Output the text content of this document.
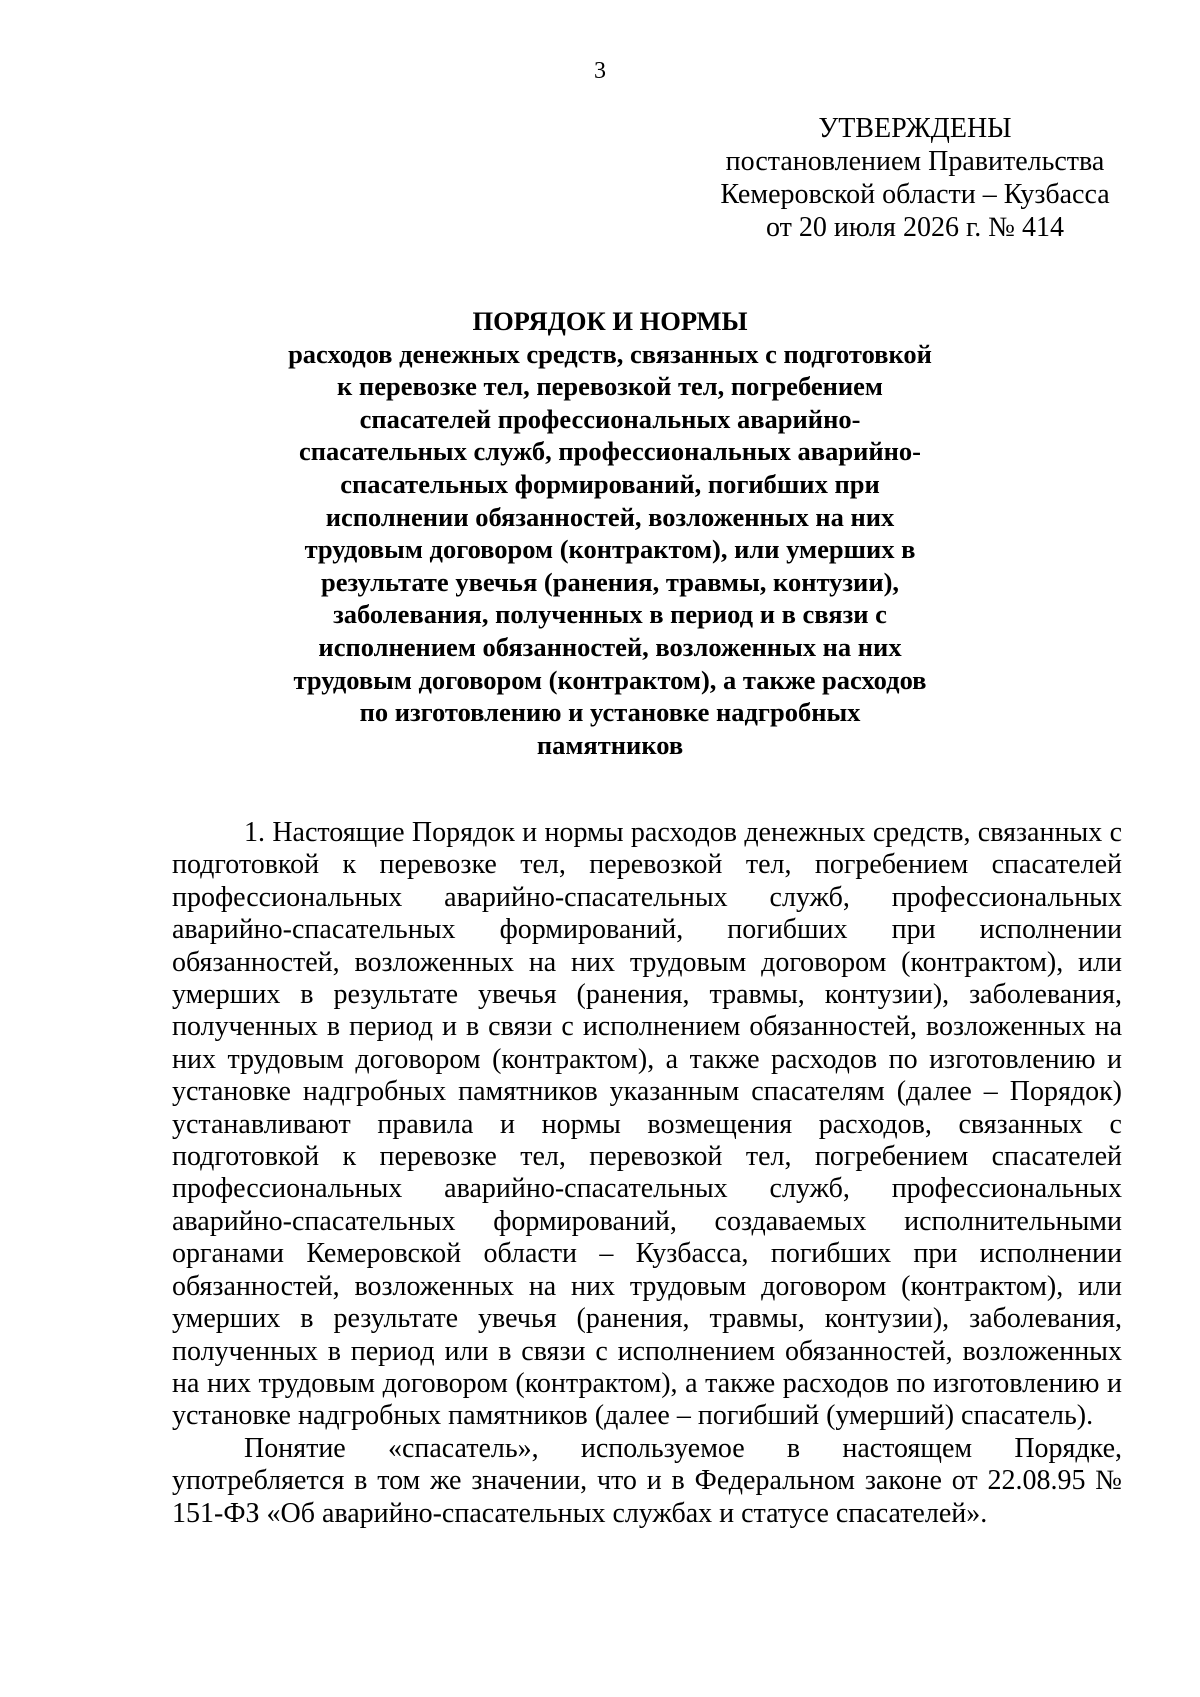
3
УТВЕРЖДЕНЫ
постановлением Правительства
Кемеровской области – Кузбасса
от 20 июля 2026 г. № 414
ПОРЯДОК И НОРМЫ
расходов денежных средств, связанных с подготовкой
к перевозке тел, перевозкой тел, погребением
спасателей профессиональных аварийно-
спасательных служб, профессиональных аварийно-
спасательных формирований, погибших при
исполнении обязанностей, возложенных на них
трудовым договором (контрактом), или умерших в
результате увечья (ранения, травмы, контузии),
заболевания, полученных в период и в связи с
исполнением обязанностей, возложенных на них
трудовым договором (контрактом), а также расходов
по изготовлению и установке надгробных
памятников

1. Настоящие Порядок и нормы расходов денежных средств, связанных с подготовкой к перевозке тел, перевозкой тел, погребением спасателей профессиональных аварийно-спасательных служб, профессиональных аварийно-спасательных формирований, погибших при исполнении обязанностей, возложенных на них трудовым договором (контрактом), или умерших в результате увечья (ранения, травмы, контузии), заболевания, полученных в период и в связи с исполнением обязанностей, возложенных на них трудовым договором (контрактом), а также расходов по изготовлению и установке надгробных памятников указанным спасателям (далее – Порядок) устанавливают правила и нормы возмещения расходов, связанных с подготовкой к перевозке тел, перевозкой тел, погребением спасателей профессиональных аварийно-спасательных служб, профессиональных аварийно-спасательных формирований, создаваемых исполнительными органами Кемеровской области – Кузбасса, погибших при исполнении обязанностей, возложенных на них трудовым договором (контрактом), или умерших в результате увечья (ранения, травмы, контузии), заболевания, полученных в период или в связи с исполнением обязанностей, возложенных на них трудовым договором (контрактом), а также расходов по изготовлению и установке надгробных памятников (далее – погибший (умерший) спасатель).

Понятие «спасатель», используемое в настоящем Порядке, употребляется в том же значении, что и в Федеральном законе от 22.08.95 № 151-ФЗ «Об аварийно-спасательных службах и статусе спасателей».
